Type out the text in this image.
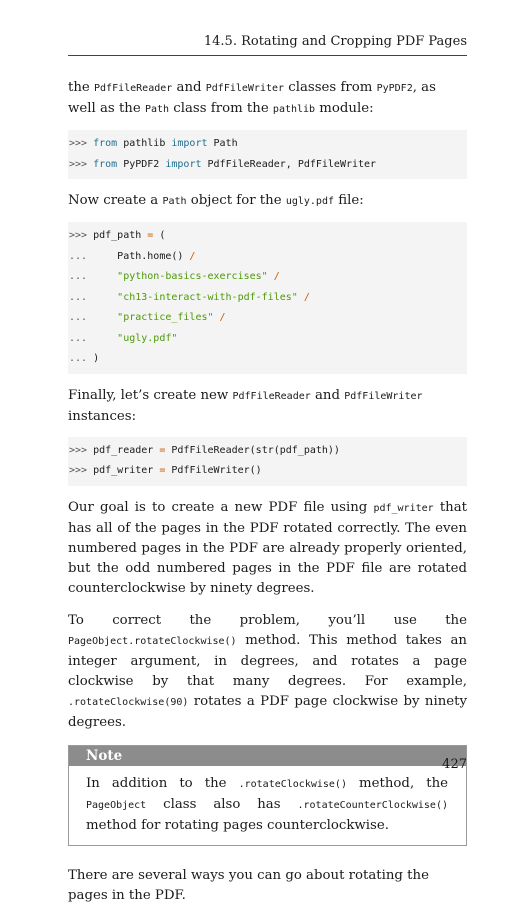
14.5. Rotating and Cropping PDF Pages

the PdfFileReader and PdfFileWriter classes from PyPDF2, as well as the Path class from the pathlib module:

>>> from pathlib import Path
>>> from PyPDF2 import PdfFileReader, PdfFileWriter

Now create a Path object for the ugly.pdf file:

>>> pdf_path = (
...     Path.home() /
...     "python-basics-exercises" /
...     "ch13-interact-with-pdf-files" /
...     "practice_files" /
...     "ugly.pdf"
... )

Finally, let’s create new PdfFileReader and PdfFileWriter instances:

>>> pdf_reader = PdfFileReader(str(pdf_path))
>>> pdf_writer = PdfFileWriter()

Our goal is to create a new PDF file using pdf_writer that has all of the pages in the PDF rotated correctly. The even numbered pages in the PDF are already properly oriented, but the odd numbered pages in the PDF file are rotated counterclockwise by ninety degrees.

To correct the problem, you’ll use the PageObject.rotateClockwise() method. This method takes an integer argument, in degrees, and rotates a page clockwise by that many degrees. For example, .rotateClockwise(90) rotates a PDF page clockwise by ninety degrees.

Note

In addition to the .rotateClockwise() method, the PageObject class also has .rotateCounterClockwise() method for rotating pages counterclockwise.

There are several ways you can go about rotating the pages in the PDF.

427
